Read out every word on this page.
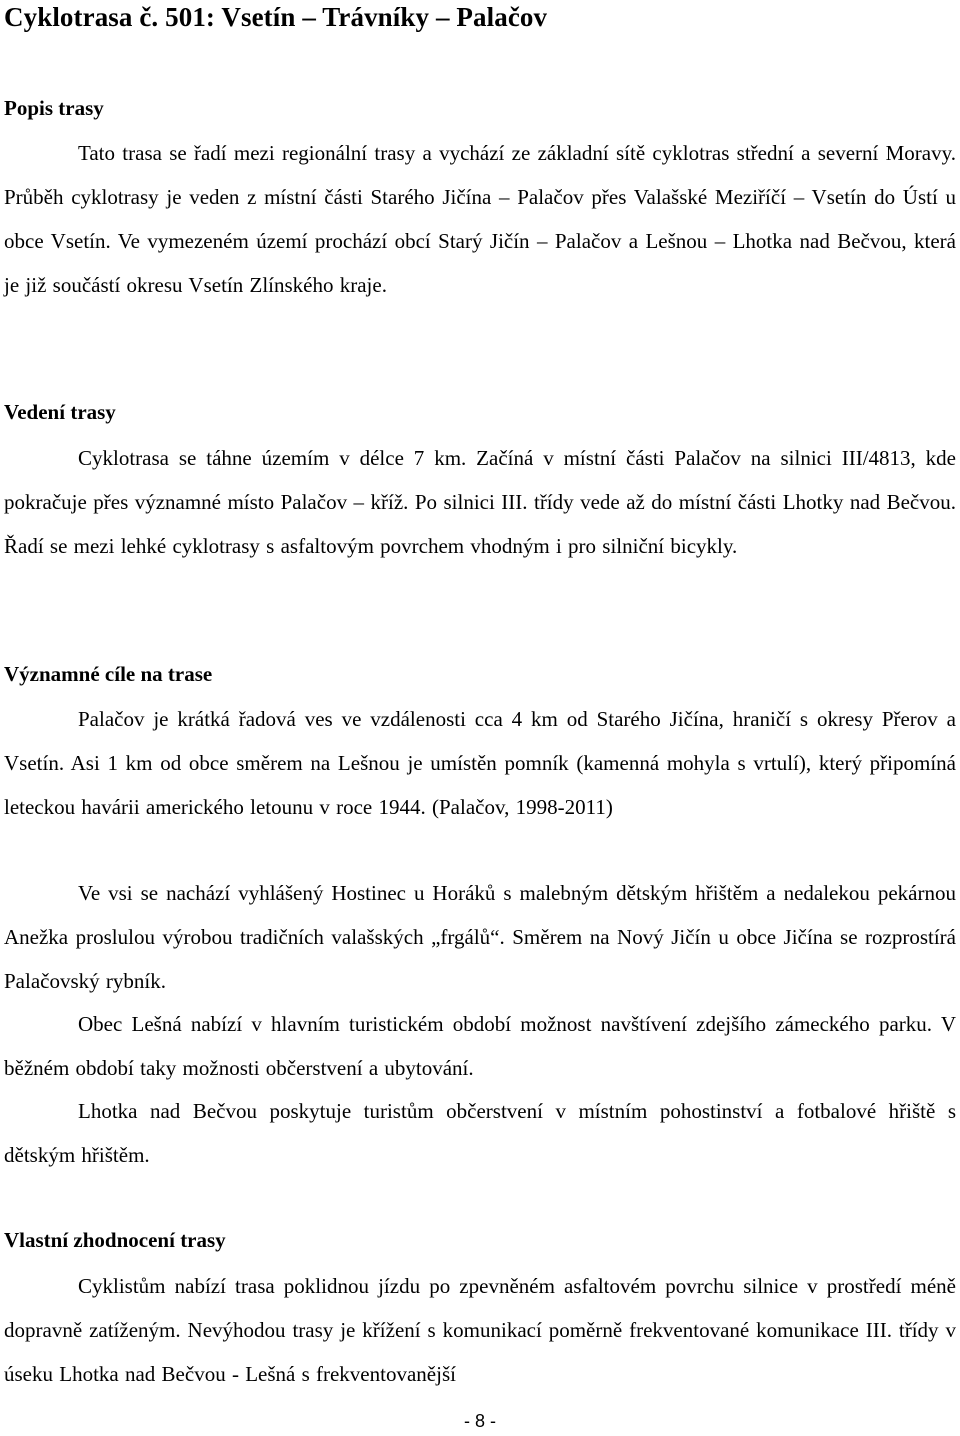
Cyklotrasa č. 501: Vsetín – Trávníky – Palačov
Popis trasy

Tato trasa se řadí mezi regionální trasy a vychází ze základní sítě cyklotras střední a severní Moravy. Průběh cyklotrasy je veden z místní části Starého Jičína – Palačov přes Valašské Meziříčí – Vsetín do Ústí u obce Vsetín. Ve vymezeném území prochází obcí Starý Jičín – Palačov a Lešnou – Lhotka nad Bečvou, která je již součástí okresu Vsetín Zlínského kraje.

Vedení trasy

Cyklotrasa se táhne územím v délce 7 km. Začíná v místní části Palačov na silnici III/4813, kde pokračuje přes významné místo Palačov – kříž. Po silnici III. třídy vede až do místní části Lhotky nad Bečvou. Řadí se mezi lehké cyklotrasy s asfaltovým povrchem vhodným i pro silniční bicykly.

Významné cíle na trase

Palačov je krátká řadová ves ve vzdálenosti cca 4 km od Starého Jičína, hraničí s okresy Přerov a Vsetín. Asi 1 km od obce směrem na Lešnou je umístěn pomník (kamenná mohyla s vrtulí), který připomíná leteckou havárii amerického letounu v roce 1944. (Palačov, 1998-2011)

Ve vsi se nachází vyhlášený Hostinec u Horáků s malebným dětským hřištěm a nedalekou pekárnou Anežka proslulou výrobou tradičních valašských „frgálů“. Směrem na Nový Jičín u obce Jičína se rozprostírá Palačovský rybník.

Obec Lešná nabízí v hlavním turistickém období možnost navštívení zdejšího zámeckého parku. V běžném období taky možnosti občerstvení a ubytování.

Lhotka nad Bečvou poskytuje turistům občerstvení v místním pohostinství a fotbalové hřiště s dětským hřištěm.

Vlastní zhodnocení trasy

Cyklistům nabízí trasa poklidnou jízdu po zpevněném asfaltovém povrchu silnice v prostředí méně dopravně zatíženým. Nevýhodou trasy je křížení s komunikací poměrně frekventované komunikace III. třídy v úseku Lhotka nad Bečvou - Lešná s frekventovanější

- 8 -
